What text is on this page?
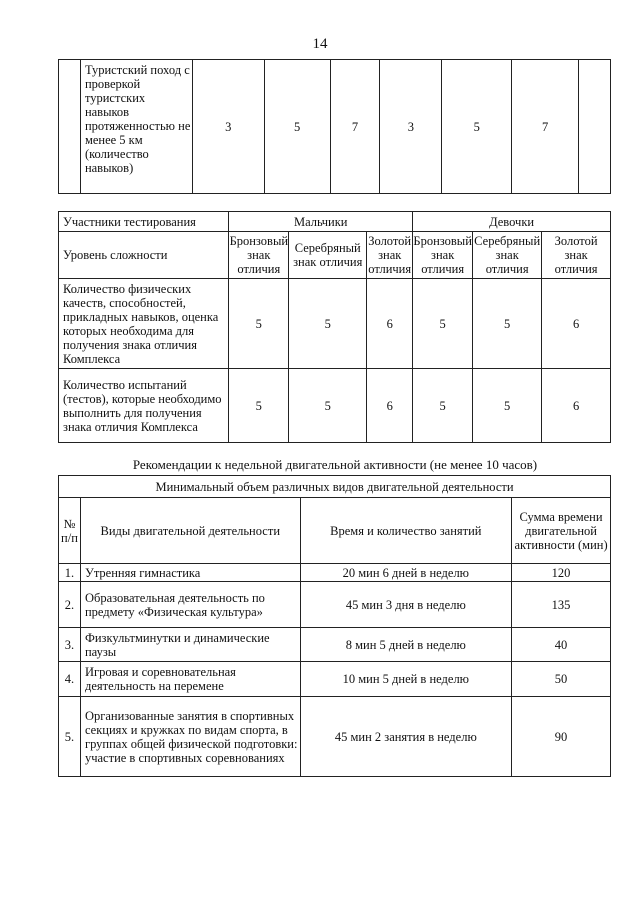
14
	Туристский поход с проверкой туристских навыков протяженностью не менее 5 км (количество навыков)	3	5	7	3	5	7	
Участники тестирования	Мальчики			Девочки		
Уровень сложности	Бронзовый знак отличия	Серебряный знак отличия	Золотой знак отличия	Бронзовый знак отличия	Серебряный знак отличия	Золотой знак отличия
Количество физических качеств, способностей, прикладных навыков, оценка которых необходима для получения знака отличия Комплекса	5	5	6	5	5	6
Количество испытаний (тестов), которые необходимо выполнить для получения знака отличия Комплекса	5	5	6	5	5	6
Рекомендации к недельной двигательной активности (не менее 10 часов)
Минимальный объем различных видов двигательной деятельности			
№ п/п	Виды двигательной деятельности	Время и количество занятий	Сумма времени двигательной активности (мин)
1.	Утренняя гимнастика	20 мин 6 дней в неделю	120
2.	Образовательная деятельность по предмету «Физическая культура»	45 мин 3 дня в неделю	135
3.	Физкультминутки и динамические паузы	8 мин 5 дней в неделю	40
4.	Игровая и соревновательная деятельность на перемене	10 мин 5 дней в неделю	50
5.	Организованные занятия в спортивных секциях и кружках по видам спорта, в группах общей физической подготовки: участие в спортивных соревнованиях	45 мин 2 занятия в неделю	90
